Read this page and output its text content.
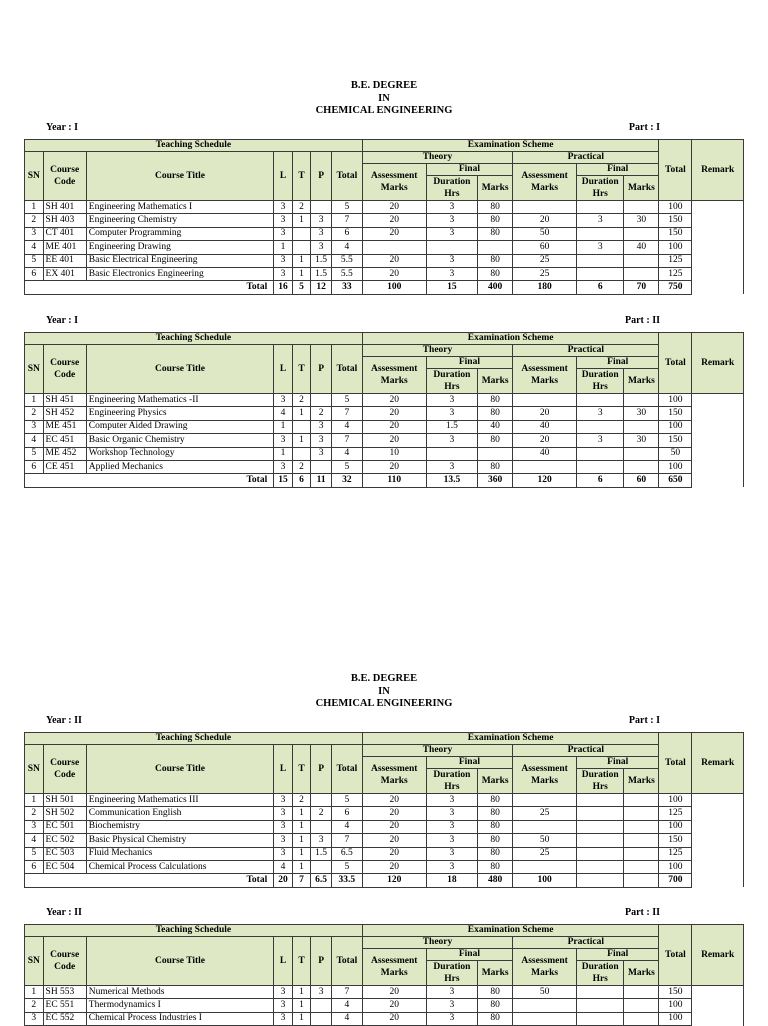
B.E. DEGREE
IN
CHEMICAL ENGINEERING
Year : I	Part : I
Teaching Schedule							Examination Scheme						Total	Remark
SN	Course Code	Course Title	L	T	P	Total	Theory			Practical				
							Assessment Marks	Final		Assessment Marks	Final			
								Duration Hrs	Marks		Duration Hrs	Marks		
1	SH 401	Engineering Mathematics I	3	2		5	20	3	80				100	
2	SH 403	Engineering Chemistry	3	1	3	7	20	3	80	20	3	30	150	
3	CT 401	Computer Programming	3		3	6	20	3	80	50			150	
4	ME 401	Engineering Drawing	1		3	4				60	3	40	100	
5	EE 401	Basic Electrical Engineering	3	1	1.5	5.5	20	3	80	25			125	
6	EX 401	Basic Electronics Engineering	3	1	1.5	5.5	20	3	80	25			125	
Total			16	5	12	33	100	15	400	180	6	70	750	
Year : I	Part : II
Teaching Schedule							Examination Scheme						Total	Remark
SN	Course Code	Course Title	L	T	P	Total	Theory			Practical				
							Assessment Marks	Final		Assessment Marks	Final			
								Duration Hrs	Marks		Duration Hrs	Marks		
1	SH 451	Engineering Mathematics -II	3	2		5	20	3	80				100	
2	SH 452	Engineering Physics	4	1	2	7	20	3	80	20	3	30	150	
3	ME 451	Computer Aided Drawing	1		3	4	20	1.5	40	40			100	
4	EC 451	Basic Organic Chemistry	3	1	3	7	20	3	80	20	3	30	150	
5	ME 452	Workshop Technology	1		3	4	10			40			50	
6	CE 451	Applied Mechanics	3	2		5	20	3	80				100	
Total			15	6	11	32	110	13.5	360	120	6	60	650	
B.E. DEGREE
IN
CHEMICAL ENGINEERING
Year : II	Part : I
Teaching Schedule							Examination Scheme						Total	Remark
SN	Course Code	Course Title	L	T	P	Total	Theory			Practical				
							Assessment Marks	Final		Assessment Marks	Final			
								Duration Hrs	Marks		Duration Hrs	Marks		
1	SH 501	Engineering Mathematics III	3	2		5	20	3	80				100	
2	SH 502	Communication English	3	1	2	6	20	3	80	25			125	
3	EC 501	Biochemistry	3	1		4	20	3	80				100	
4	EC 502	Basic Physical Chemistry	3	1	3	7	20	3	80	50			150	
5	EC 503	Fluid Mechanics	3	1	1.5	6.5	20	3	80	25			125	
6	EC 504	Chemical Process Calculations	4	1		5	20	3	80				100	
Total			20	7	6.5	33.5	120	18	480	100			700	
Year : II	Part : II
Teaching Schedule							Examination Scheme						Total	Remark
SN	Course Code	Course Title	L	T	P	Total	Theory			Practical				
							Assessment Marks	Final		Assessment Marks	Final			
								Duration Hrs	Marks		Duration Hrs	Marks		
1	SH 553	Numerical Methods	3	1	3	7	20	3	80	50			150	
2	EC 551	Thermodynamics I	3	1		4	20	3	80				100	
3	EC 552	Chemical Process Industries I	3	1		4	20	3	80				100	
